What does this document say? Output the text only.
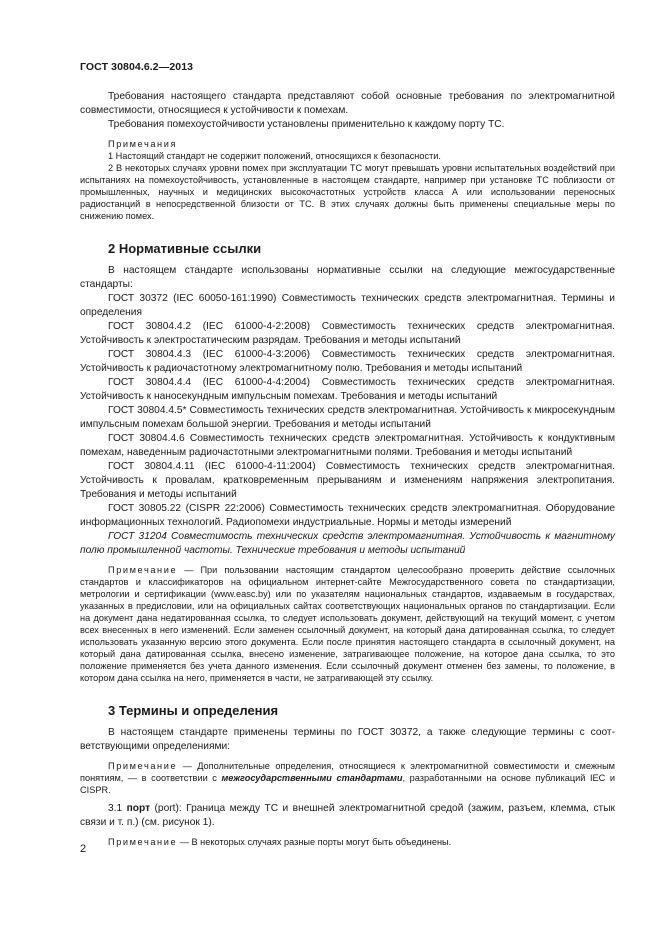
ГОСТ 30804.6.2—2013

Требования настоящего стандарта представляют собой основные требования по электромагнитной совместимости, относящиеся к устойчивости к помехам.

Требования помехоустойчивости установлены применительно к каждому порту ТС.

Примечания

1 Настоящий стандарт не содержит положений, относящихся к безопасности.

2 В некоторых случаях уровни помех при эксплуатации ТС могут превышать уровни испытательных воздействий при испытаниях на помехоустойчивость, установленные в настоящем стандарте, например при установке ТС поблизости от промышленных, научных и медицинских высокочастотных устройств класса А или использовании переносных радиостанций в непосредственной близости от ТС. В этих случаях должны быть применены специальные меры по снижению помех.

2 Нормативные ссылки

В настоящем стандарте использованы нормативные ссылки на следующие межгосударственные стандарты:

ГОСТ 30372 (IEC 60050-161:1990) Совместимость технических средств электромагнитная. Термины и определения

ГОСТ 30804.4.2 (IEC 61000-4-2:2008) Совместимость технических средств электромагнитная. Устойчивость к электростатическим разрядам. Требования и методы испытаний

ГОСТ 30804.4.3 (IEC 61000-4-3:2006) Совместимость технических средств электромагнитная. Устойчивость к радиочастотному электромагнитному полю. Требования и методы испытаний

ГОСТ 30804.4.4 (IEC 61000-4-4:2004) Совместимость технических средств электромагнитная. Устойчивость к наносекундным импульсным помехам. Требования и методы испытаний

ГОСТ 30804.4.5* Совместимость технических средств электромагнитная. Устойчивость к микросекундным импульсным помехам большой энергии. Требования и методы испытаний

ГОСТ 30804.4.6 Совместимость технических средств электромагнитная. Устойчивость к кондуктивным помехам, наведенным радиочастотными электромагнитными полями. Требования и методы испытаний

ГОСТ 30804.4.11 (IEC 61000-4-11:2004) Совместимость технических средств электромагнитная. Устойчивость к провалам, кратковременным прерываниям и изменениям напряжения электропитания. Требования и методы испытаний

ГОСТ 30805.22 (CISPR 22:2006) Совместимость технических средств электромагнитная. Оборудование информационных технологий. Радиопомехи индустриальные. Нормы и методы измерений

ГОСТ 31204 Совместимость технических средств электромагнитная. Устойчивость к магнитному полю промышленной частоты. Технические требования и методы испытаний

Примечание — При пользовании настоящим стандартом целесообразно проверить действие ссылочных стандартов и классификаторов на официальном интернет-сайте Межгосударственного совета по стандартизации, метрологии и сертификации (www.easc.by) или по указателям национальных стандартов, издаваемым в государствах, указанных в предисловии, или на официальных сайтах соответствующих национальных органов по стандартизации. Если на документ дана недатированная ссылка, то следует использовать документ, действующий на текущий момент, с учетом всех внесенных в него изменений. Если заменен ссылочный документ, на который дана датированная ссылка, то следует использовать указанную версию этого документа. Если после принятия настоящего стандарта в ссылочный документ, на который дана датированная ссылка, внесено изменение, затрагивающее положение, на которое дана ссылка, то это положение применяется без учета данного изменения. Если ссылочный документ отменен без замены, то положение, в котором дана ссылка на него, применяется в части, не затрагивающей эту ссылку.

3 Термины и определения

В настоящем стандарте применены термины по ГОСТ 30372, а также следующие термины с соответствующими определениями:

Примечание — Дополнительные определения, относящиеся к электромагнитной совместимости и смежным понятиям, — в соответствии с межгосударственными стандартами, разработанными на основе публикаций IEC и CISPR.

3.1 порт (port): Граница между ТС и внешней электромагнитной средой (зажим, разъем, клемма, стык связи и т. п.) (см. рисунок 1).

Примечание — В некоторых случаях разные порты могут быть объединены.

2
